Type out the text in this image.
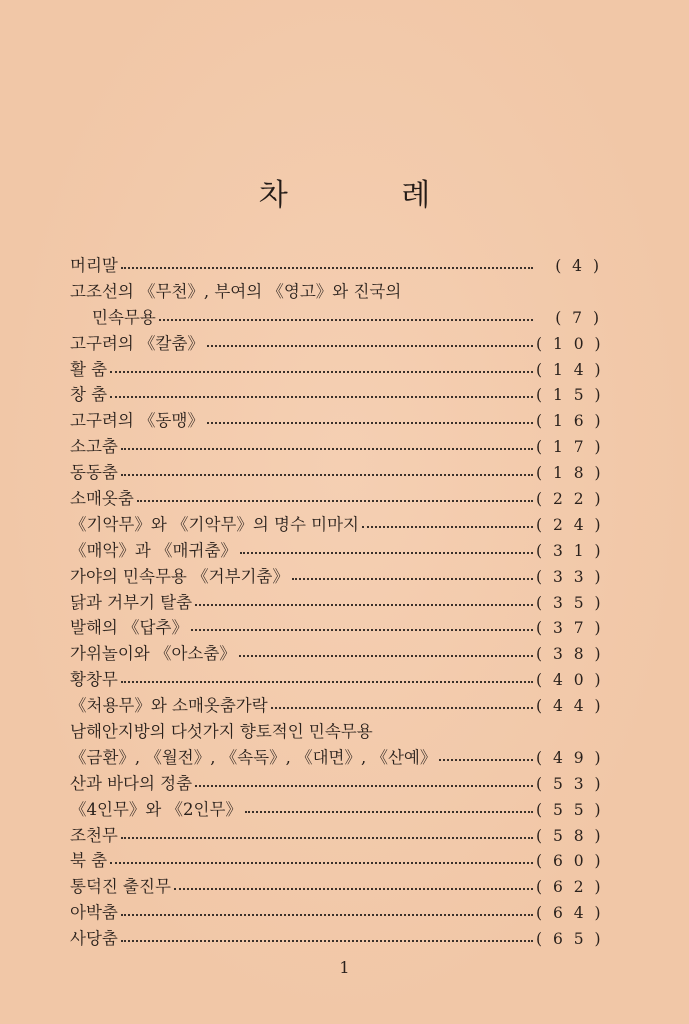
차 례
머리말	( 4 )
고조선의 《무천》, 부여의 《영고》와 진국의
민속무용	( 7 )
고구려의 《칼춤》	( 1 0 )
활 춤	( 1 4 )
창 춤	( 1 5 )
고구려의 《동맹》	( 1 6 )
소고춤	( 1 7 )
동동춤	( 1 8 )
소매옷춤	( 2 2 )
《기악무》와 《기악무》의 명수 미마지	( 2 4 )
《매악》과 《매귀춤》	( 3 1 )
가야의 민속무용 《거부기춤》	( 3 3 )
닭과 거부기 탈춤	( 3 5 )
발해의 《답추》	( 3 7 )
가위놀이와 《아소춤》	( 3 8 )
황창무	( 4 0 )
《처용무》와 소매옷춤가락	( 4 4 )
남해안지방의 다섯가지 향토적인 민속무용
《금환》, 《월전》, 《속독》, 《대면》, 《산예》	( 4 9 )
산과 바다의 정춤	( 5 3 )
《4인무》와 《2인무》	( 5 5 )
조천무	( 5 8 )
북 춤	( 6 0 )
통덕진 출진무	( 6 2 )
아박춤	( 6 4 )
사당춤	( 6 5 )
1
